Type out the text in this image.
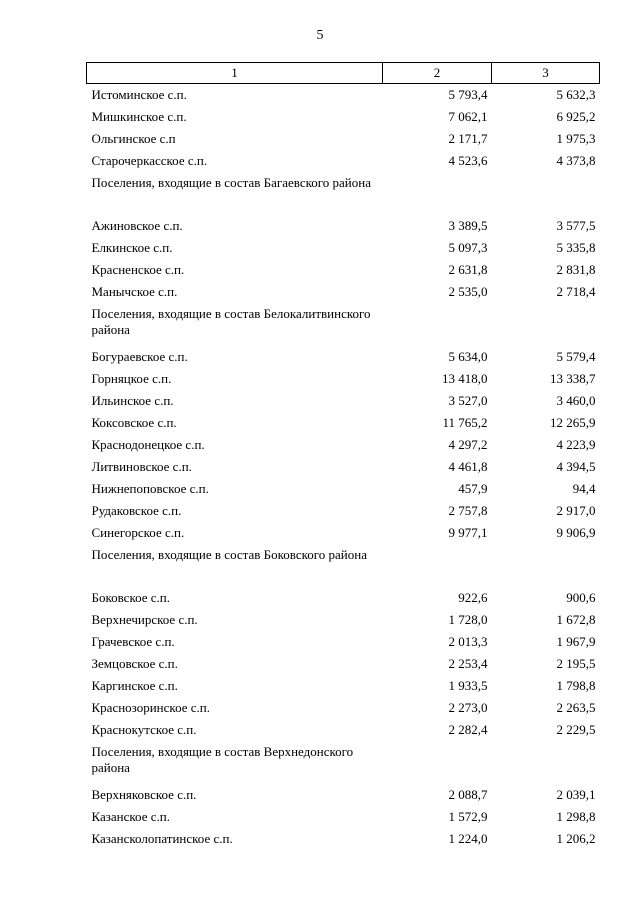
5
1	2	3
Истоминское с.п.	5 793,4	5 632,3
Мишкинское с.п.	7 062,1	6 925,2
Ольгинское с.п	2 171,7	1 975,3
Старочеркасское с.п.	4 523,6	4 373,8
Поселения, входящие в состав Багаевского района		
Ажиновское с.п.	3 389,5	3 577,5
Елкинское с.п.	5 097,3	5 335,8
Красненское с.п.	2 631,8	2 831,8
Манычское с.п.	2 535,0	2 718,4
Поселения, входящие в состав Белокалитвинского района		
Богураевское с.п.	5 634,0	5 579,4
Горняцкое с.п.	13 418,0	13 338,7
Ильинское с.п.	3 527,0	3 460,0
Коксовское с.п.	11 765,2	12 265,9
Краснодонецкое с.п.	4 297,2	4 223,9
Литвиновское с.п.	4 461,8	4 394,5
Нижнепоповское с.п.	457,9	94,4
Рудаковское с.п.	2 757,8	2 917,0
Синегорское с.п.	9 977,1	9 906,9
Поселения, входящие в состав Боковского района		
Боковское с.п.	922,6	900,6
Верхнечирское с.п.	1 728,0	1 672,8
Грачевское с.п.	2 013,3	1 967,9
Земцовское с.п.	2 253,4	2 195,5
Каргинское с.п.	1 933,5	1 798,8
Краснозоринское с.п.	2 273,0	2 263,5
Краснокутское с.п.	2 282,4	2 229,5
Поселения, входящие в состав Верхнедонского района		
Верхняковское с.п.	2 088,7	2 039,1
Казанское с.п.	1 572,9	1 298,8
Казансколопатинское с.п.	1 224,0	1 206,2
